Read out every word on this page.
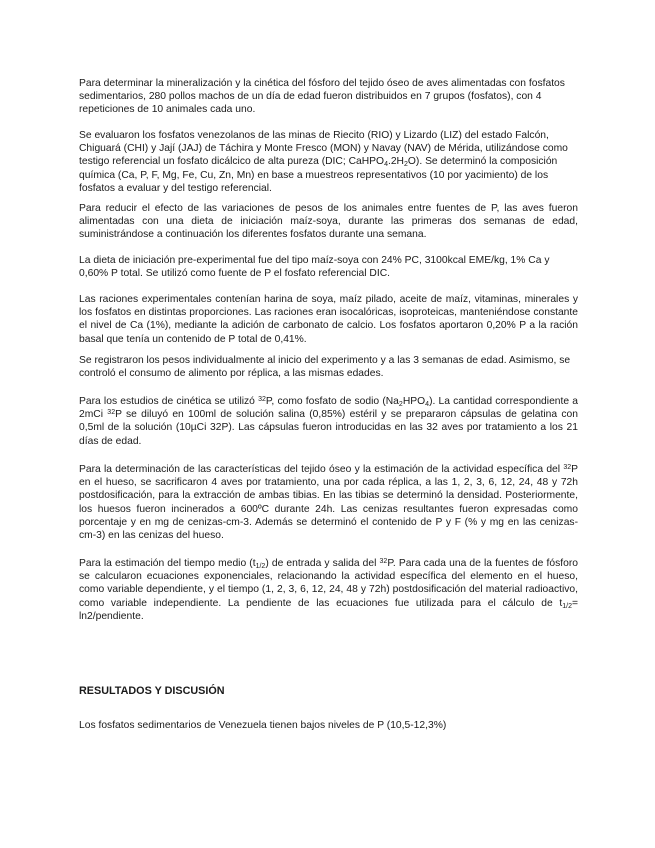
Para determinar la mineralización y la cinética del fósforo del tejido óseo de aves alimentadas con fosfatos sedimentarios, 280 pollos machos de un día de edad fueron distribuidos en 7 grupos (fosfatos), con 4 repeticiones de 10 animales cada uno.

Se evaluaron los fosfatos venezolanos de las minas de Riecito (RIO) y Lizardo (LIZ) del estado Falcón, Chiguará (CHI) y Jají (JAJ) de Táchira y Monte Fresco (MON) y Navay (NAV) de Mérida, utilizándose como testigo referencial un fosfato dicálcico de alta pureza (DIC; $CaHPO_4.2H_2O$). Se determinó la composición química (Ca, P, F, Mg, Fe, Cu, Zn, Mn) en base a muestreos representativos (10 por yacimiento) de los fosfatos a evaluar y del testigo referencial.

Para reducir el efecto de las variaciones de pesos de los animales entre fuentes de P, las aves fueron alimentadas con una dieta de iniciación maíz-soya, durante las primeras dos semanas de edad, suministrándose a continuación los diferentes fosfatos durante una semana.

La dieta de iniciación pre-experimental fue del tipo maíz-soya con 24% PC, 3100kcal EME/kg, 1% Ca y 0,60% P total. Se utilizó como fuente de P el fosfato referencial DIC.

Las raciones experimentales contenían harina de soya, maíz pilado, aceite de maíz, vitaminas, minerales y los fosfatos en distintas proporciones. Las raciones eran isocalóricas, isoproteicas, manteniéndose constante el nivel de Ca (1%), mediante la adición de carbonato de calcio. Los fosfatos aportaron 0,20% P a la ración basal que tenía un contenido de P total de 0,41%.

Se registraron los pesos individualmente al inicio del experimento y a las 3 semanas de edad. Asimismo, se controló el consumo de alimento por réplica, a las mismas edades.

Para los estudios de cinética se utilizó $^{32}$P, como fosfato de sodio $(Na_2HPO_4)$. La cantidad correspondiente a 2mCi $^{32}$P se diluyó en 100ml de solución salina (0,85%) estéril y se prepararon cápsulas de gelatina con 0,5ml de la solución (10µCi 32P). Las cápsulas fueron introducidas en las 32 aves por tratamiento a los 21 días de edad.

Para la determinación de las características del tejido óseo y la estimación de la actividad específica del $^{32}$P en el hueso, se sacrificaron 4 aves por tratamiento, una por cada réplica, a las 1, 2, 3, 6, 12, 24, 48 y 72h postdosificación, para la extracción de ambas tibias. En las tibias se determinó la densidad. Posteriormente, los huesos fueron incinerados a 600ºC durante 24h. Las cenizas resultantes fueron expresadas como porcentaje y en mg de cenizas-cm-3. Además se determinó el contenido de P y F (% y mg en las cenizas-cm-3) en las cenizas del hueso.

Para la estimación del tiempo medio $(t_{1/2})$ de entrada y salida del $^{32}$P. Para cada una de la fuentes de fósforo se calcularon ecuaciones exponenciales, relacionando la actividad específica del elemento en el hueso, como variable dependiente, y el tiempo (1, 2, 3, 6, 12, 24, 48 y 72h) postdosificación del material radioactivo, como variable independiente. La pendiente de las ecuaciones fue utilizada para el cálculo de $t_{1/2}=$ ln2/pendiente.

RESULTADOS Y DISCUSIÓN

Los fosfatos sedimentarios de Venezuela tienen bajos niveles de P (10,5-12,3%)
